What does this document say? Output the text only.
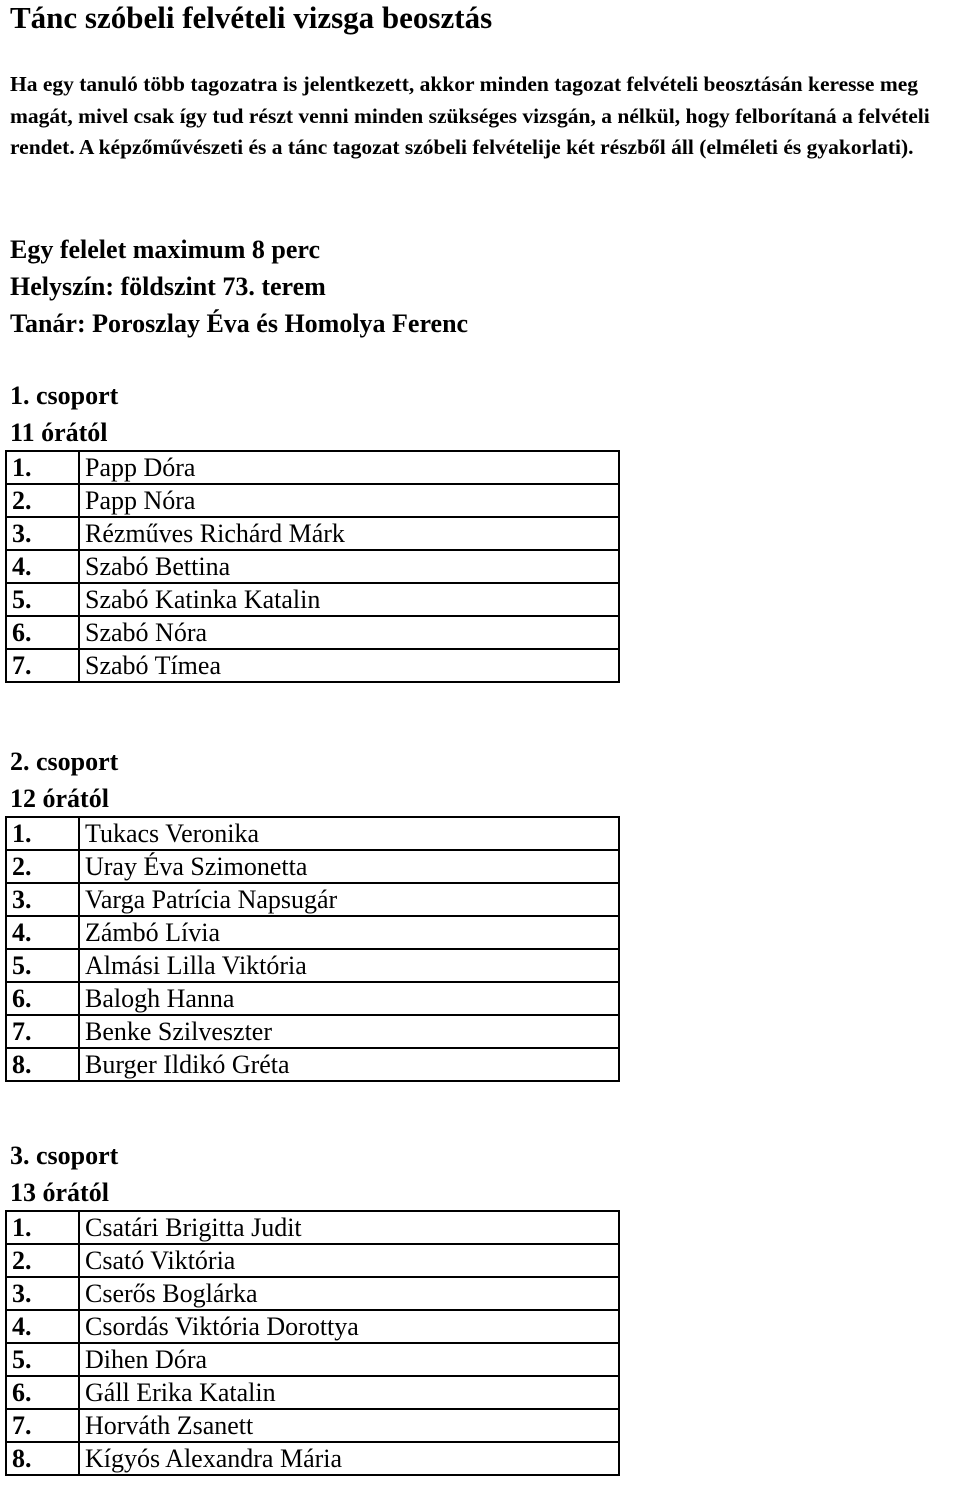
Tánc szóbeli felvételi vizsga beosztás

Ha egy tanuló több tagozatra is jelentkezett, akkor minden tagozat felvételi beosztásán keresse meg magát, mivel csak így tud részt venni minden szükséges vizsgán, a nélkül, hogy felborítaná a felvételi rendet. A képzőművészeti és a tánc tagozat szóbeli felvételije két részből áll (elméleti és gyakorlati).

Egy felelet maximum 8 perc
Helyszín: földszint 73. terem
Tanár: Poroszlay Éva és Homolya Ferenc
1. csoport
11 órától
1.	Papp Dóra
2.	Papp Nóra
3.	Rézműves Richárd Márk
4.	Szabó Bettina
5.	Szabó Katinka Katalin
6.	Szabó Nóra
7.	Szabó Tímea
2. csoport
12 órától
1.	Tukacs Veronika
2.	Uray Éva Szimonetta
3.	Varga Patrícia Napsugár
4.	Zámbó Lívia
5.	Almási Lilla Viktória
6.	Balogh Hanna
7.	Benke Szilveszter
8.	Burger Ildikó Gréta
3. csoport
13 órától
1.	Csatári Brigitta Judit
2.	Csató Viktória
3.	Cserős Boglárka
4.	Csordás Viktória Dorottya
5.	Dihen Dóra
6.	Gáll Erika Katalin
7.	Horváth Zsanett
8.	Kígyós Alexandra Mária
